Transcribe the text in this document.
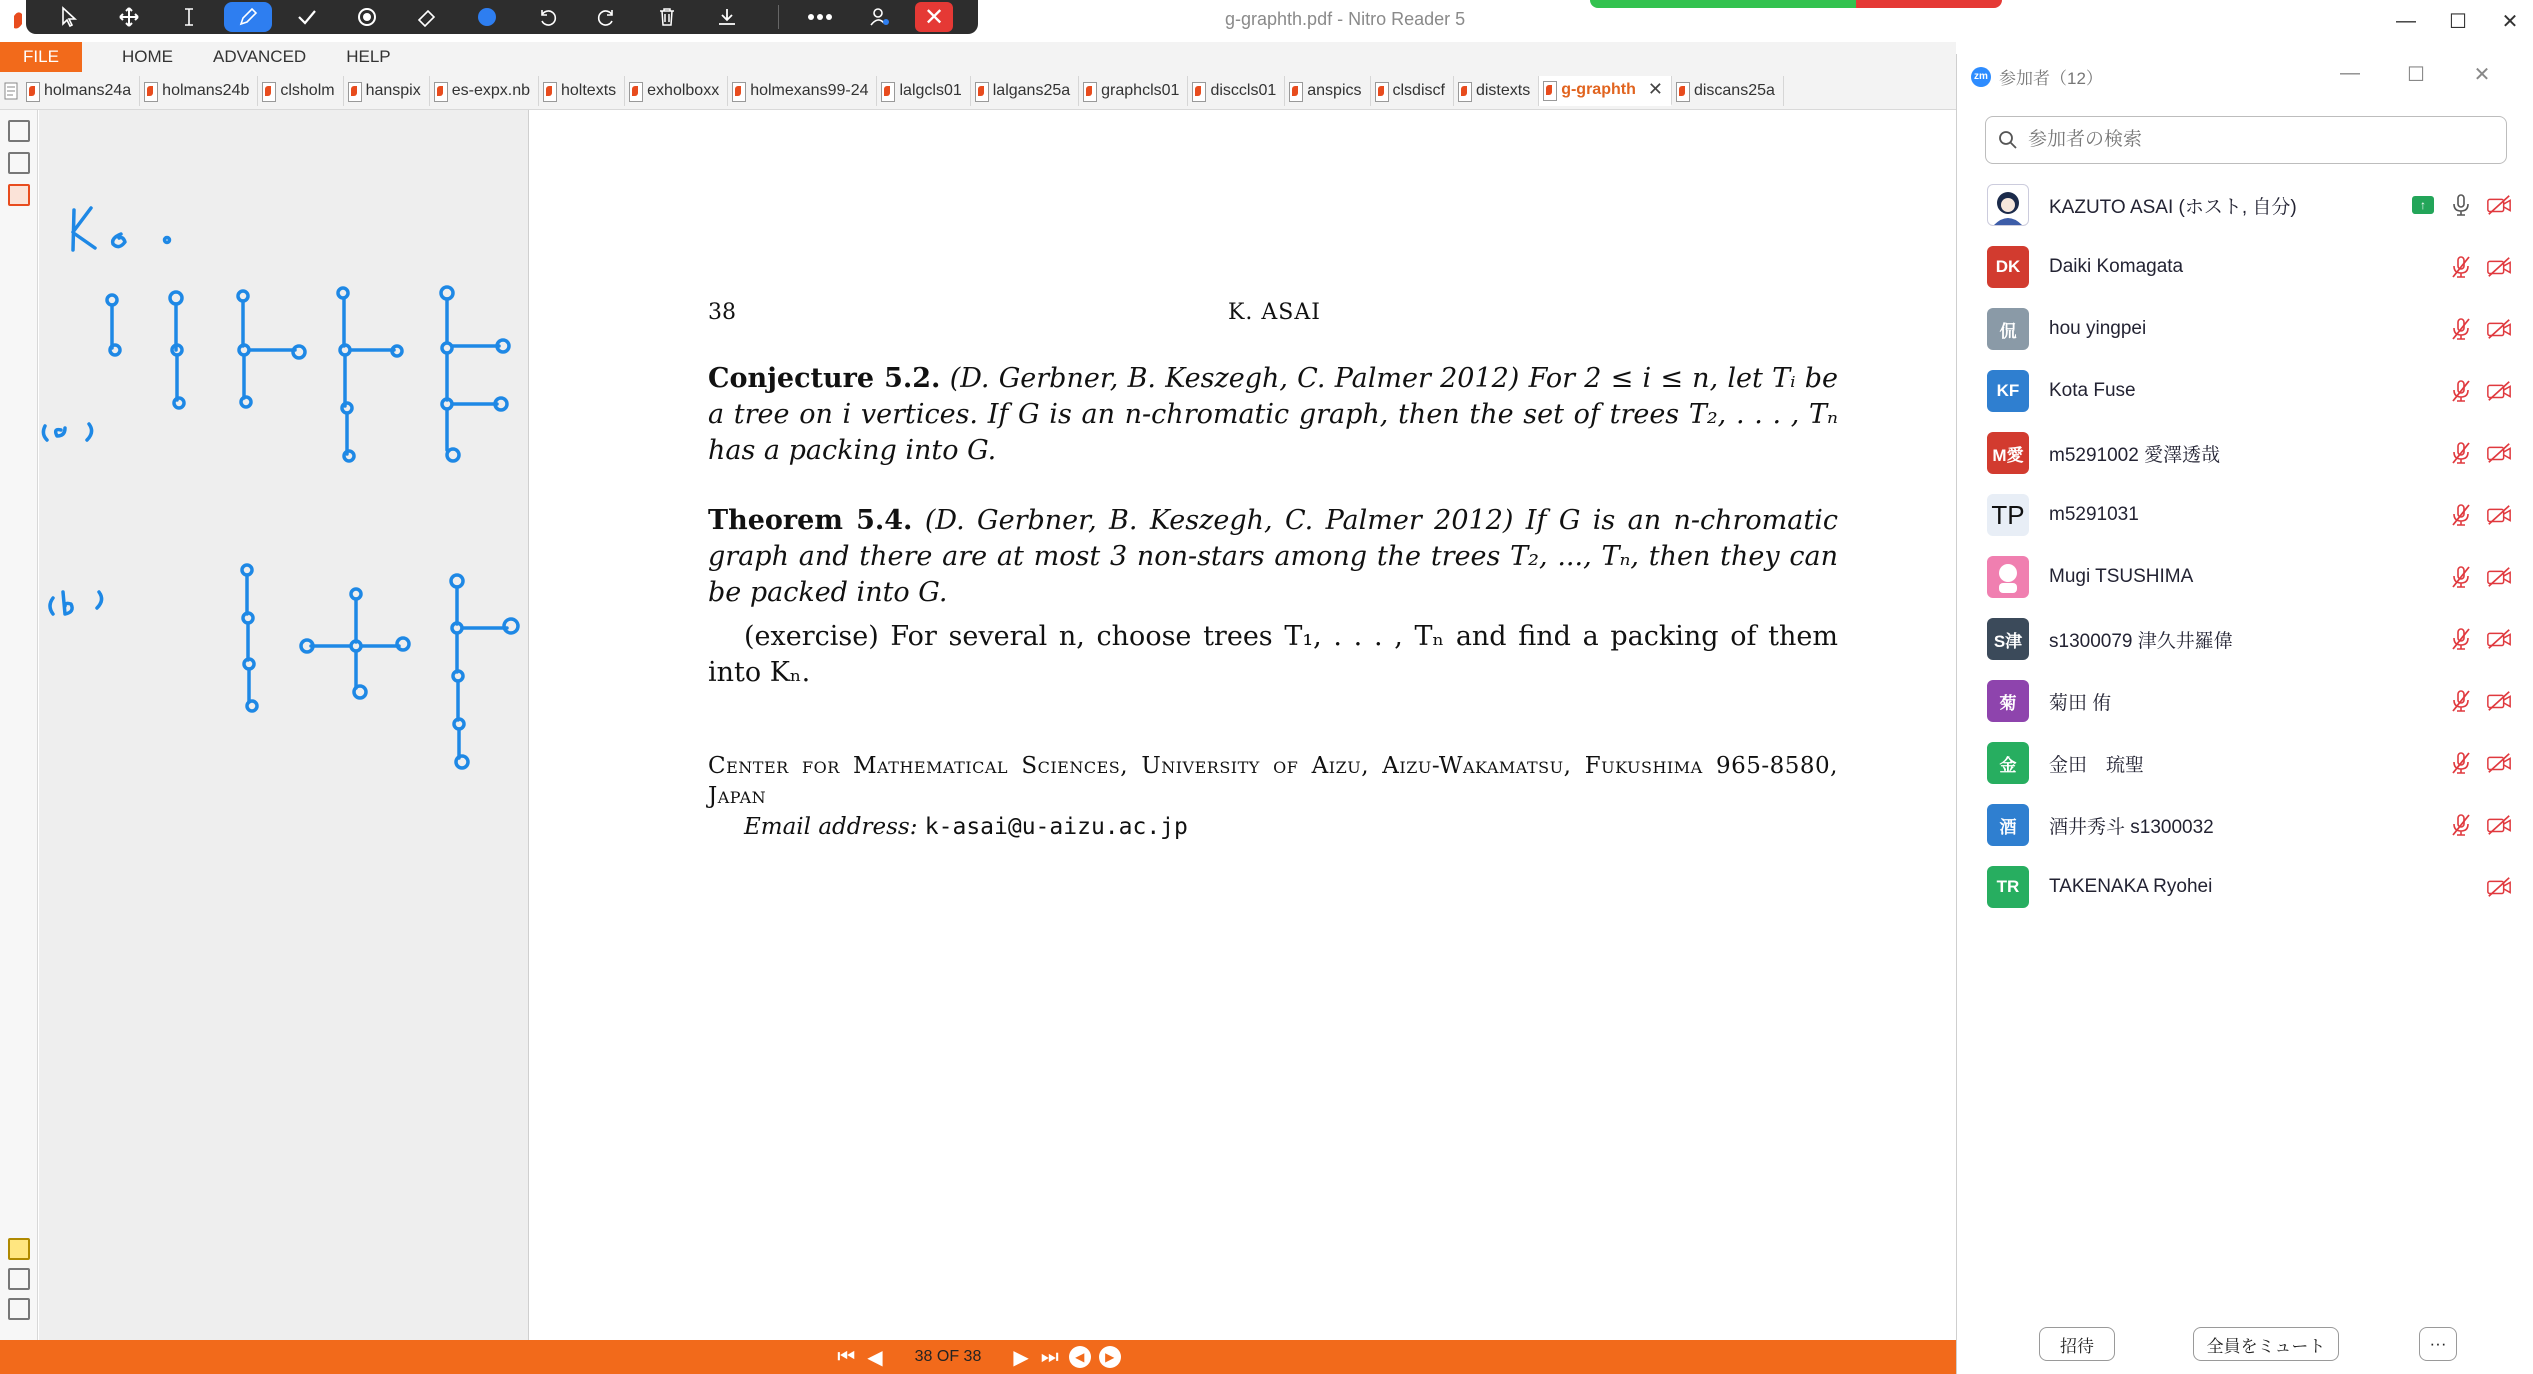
g-graphth.pdf - Nitro Reader 5
✕	—	☐	✕
FILE	HOME ADVANCED HELP
holmans24a holmans24b clsholm hanspix es-expx.nb holtexts exholboxx holmexans99-24 lalgcls01 lalgans25a graphcls01 disccls01 anspics clsdiscf distexts g-graphth ✕ discans25a
38	K. ASAI

Conjecture 5.2. (D. Gerbner, B. Keszegh, C. Palmer 2012) For 2 ≤ i ≤ n, let Tᵢ be a tree on i vertices. If G is an n-chromatic graph, then the set of trees T₂, . . . , Tₙ has a packing into G.

Theorem 5.4. (D. Gerbner, B. Keszegh, C. Palmer 2012) If G is an n-chromatic graph and there are at most 3 non-stars among the trees T₂, ..., Tₙ, then they can be packed into G.

(exercise) For several n, choose trees T₁, . . . , Tₙ and find a packing of them into Kₙ.

Center for Mathematical Sciences, University of Aizu, Aizu-Wakamatsu, Fukushima 965-8580, Japan

Email address: k-asai@u-aizu.ac.jp

⏮ ◀ 38 OF 38 ▶ ⏭	◀	▶
zm 参加者（12）	—	☐	✕
参加者の検索
KAZUTO ASAI (ホスト, 自分)	↑
DK	Daiki Komagata
侃	hou yingpei
KF	Kota Fuse
M愛 m5291002 愛澤透哉
TP m5291031
Mugi TSUSHIMA
S津	s1300079 津久井羅偉
菊	菊田 侑
金	金田　琉聖
酒	酒井秀斗 s1300032
TR	TAKENAKA Ryohei
招待	全員をミュート	···
